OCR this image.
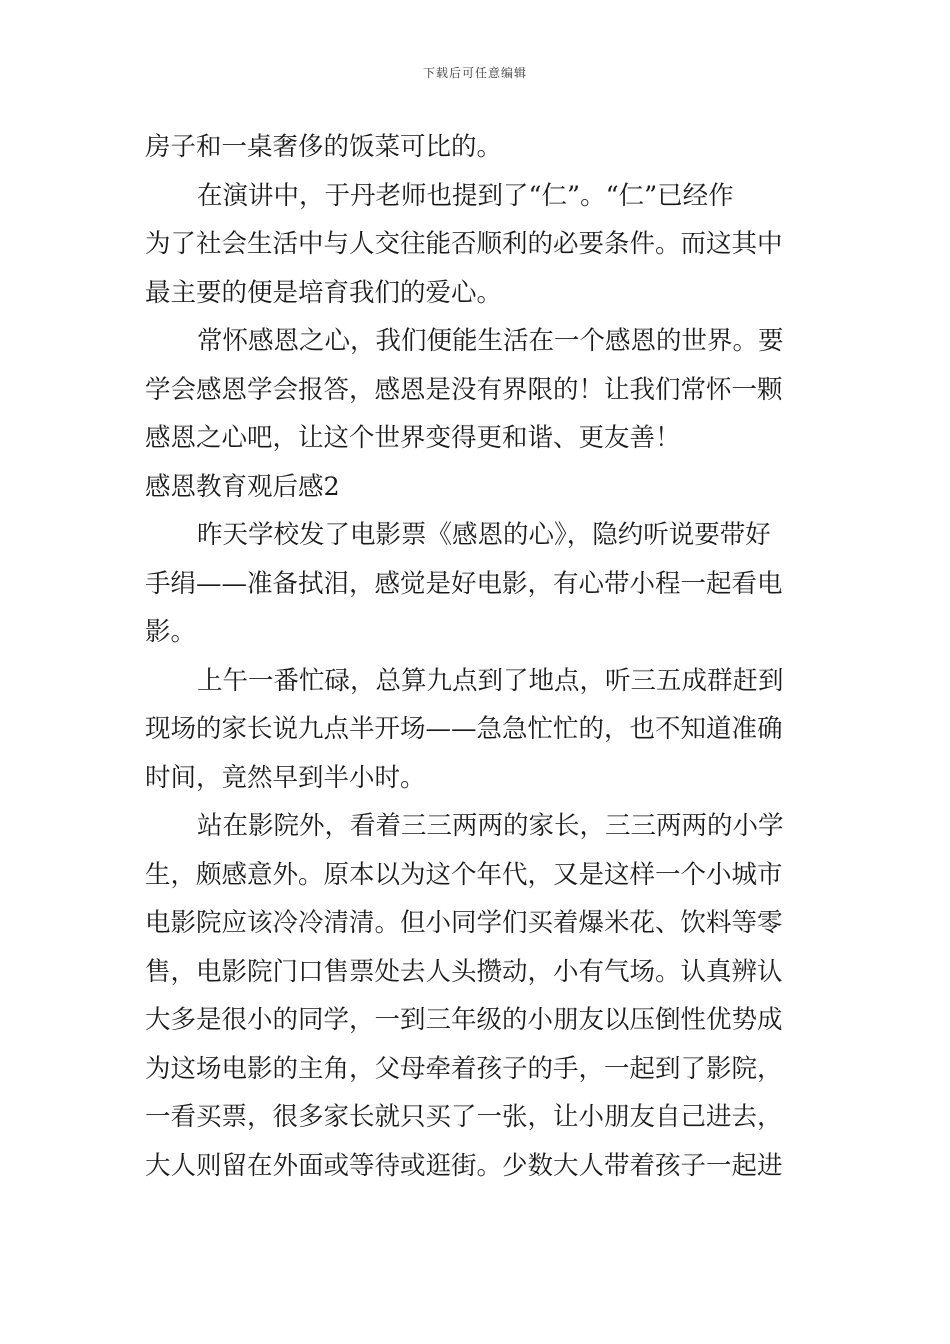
下载后可任意编辑
房子和一桌奢侈的饭菜可比的。
在演讲中，于丹老师也提到了“仁”。“仁”已经作
为了社会生活中与人交往能否顺利的必要条件。而这其中
最主要的便是培育我们的爱心。
常怀感恩之心，我们便能生活在一个感恩的世界。要
学会感恩学会报答，感恩是没有界限的！让我们常怀一颗
感恩之心吧，让这个世界变得更和谐、更友善！
感恩教育观后感2
昨天学校发了电影票《感恩的心》，隐约听说要带好
手绢——准备拭泪，感觉是好电影，有心带小程一起看电
影。
上午一番忙碌，总算九点到了地点，听三五成群赶到
现场的家长说九点半开场——急急忙忙的，也不知道准确
时间，竟然早到半小时。
站在影院外，看着三三两两的家长，三三两两的小学
生，颇感意外。原本以为这个年代，又是这样一个小城市
电影院应该冷冷清清。但小同学们买着爆米花、饮料等零
售，电影院门口售票处去人头攒动，小有气场。认真辨认
大多是很小的同学，一到三年级的小朋友以压倒性优势成
为这场电影的主角，父母牵着孩子的手，一起到了影院，
一看买票，很多家长就只买了一张，让小朋友自己进去，
大人则留在外面或等待或逛街。少数大人带着孩子一起进
